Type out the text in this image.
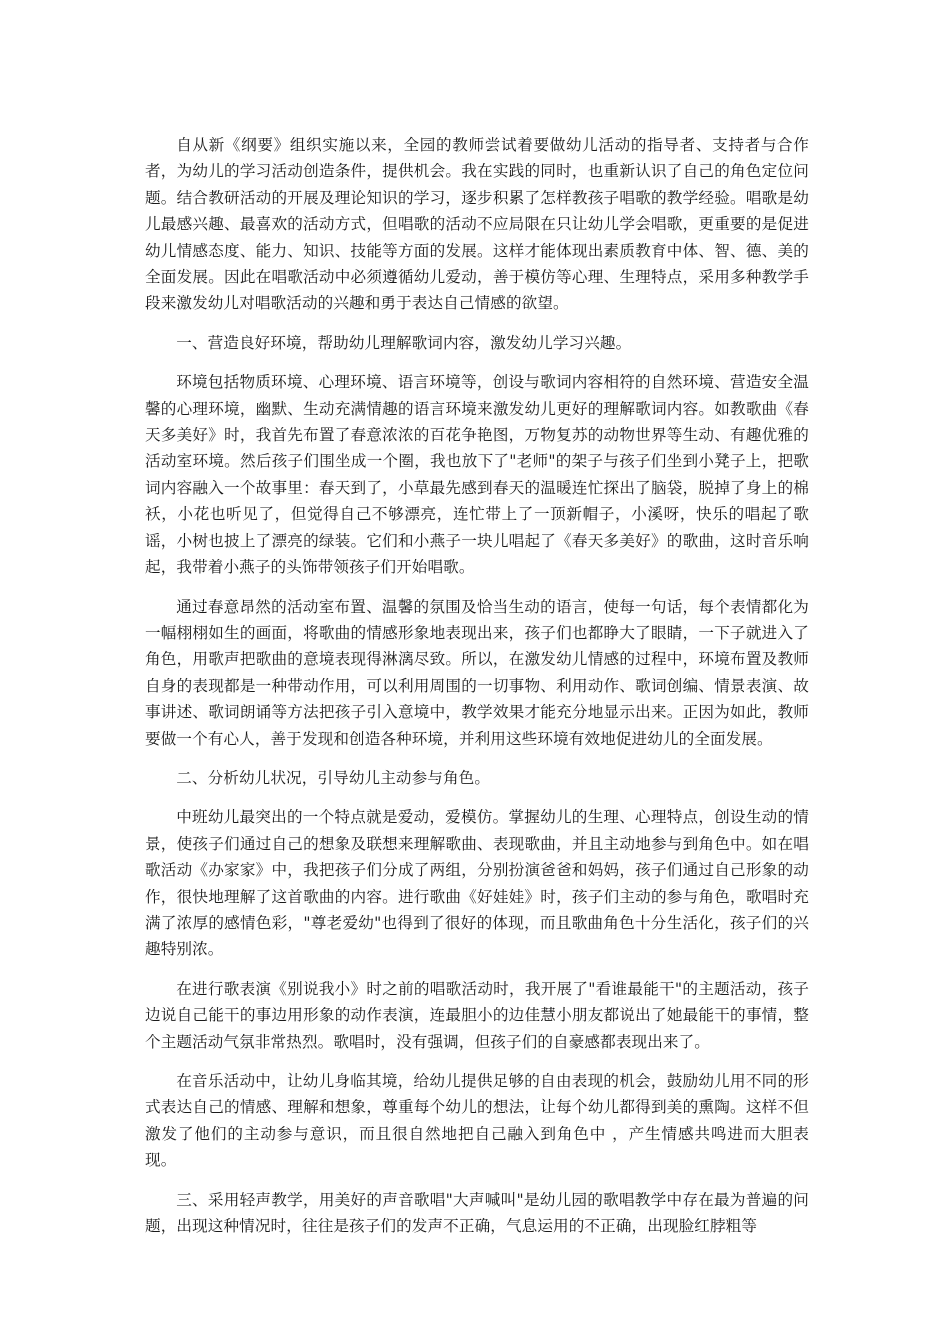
自从新《纲要》组织实施以来，全园的教师尝试着要做幼儿活动的指导者、支持者与合作者，为幼儿的学习活动创造条件，提供机会。我在实践的同时，也重新认识了自己的角色定位问题。结合教研活动的开展及理论知识的学习，逐步积累了怎样教孩子唱歌的教学经验。唱歌是幼儿最感兴趣、最喜欢的活动方式，但唱歌的活动不应局限在只让幼儿学会唱歌，更重要的是促进幼儿情感态度、能力、知识、技能等方面的发展。这样才能体现出素质教育中体、智、德、美的全面发展。因此在唱歌活动中必须遵循幼儿爱动，善于模仿等心理、生理特点，采用多种教学手段来激发幼儿对唱歌活动的兴趣和勇于表达自己情感的欲望。

一、营造良好环境，帮助幼儿理解歌词内容，激发幼儿学习兴趣。

环境包括物质环境、心理环境、语言环境等，创设与歌词内容相符的自然环境、营造安全温馨的心理环境，幽默、生动充满情趣的语言环境来激发幼儿更好的理解歌词内容。如教歌曲《春天多美好》时，我首先布置了春意浓浓的百花争艳图，万物复苏的动物世界等生动、有趣优雅的活动室环境。然后孩子们围坐成一个圈，我也放下了"老师"的架子与孩子们坐到小凳子上，把歌词内容融入一个故事里：春天到了，小草最先感到春天的温暖连忙探出了脑袋，脱掉了身上的棉袄，小花也听见了，但觉得自己不够漂亮，连忙带上了一顶新帽子，小溪呀，快乐的唱起了歌谣，小树也披上了漂亮的绿装。它们和小燕子一块儿唱起了《春天多美好》的歌曲，这时音乐响起，我带着小燕子的头饰带领孩子们开始唱歌。

通过春意昂然的活动室布置、温馨的氛围及恰当生动的语言，使每一句话，每个表情都化为一幅栩栩如生的画面，将歌曲的情感形象地表现出来，孩子们也都睁大了眼睛，一下子就进入了角色，用歌声把歌曲的意境表现得淋漓尽致。所以，在激发幼儿情感的过程中，环境布置及教师自身的表现都是一种带动作用，可以利用周围的一切事物、利用动作、歌词创编、情景表演、故事讲述、歌词朗诵等方法把孩子引入意境中，教学效果才能充分地显示出来。正因为如此，教师要做一个有心人，善于发现和创造各种环境，并利用这些环境有效地促进幼儿的全面发展。

二、分析幼儿状况，引导幼儿主动参与角色。

中班幼儿最突出的一个特点就是爱动，爱模仿。掌握幼儿的生理、心理特点，创设生动的情景，使孩子们通过自己的想象及联想来理解歌曲、表现歌曲，并且主动地参与到角色中。如在唱歌活动《办家家》中，我把孩子们分成了两组，分别扮演爸爸和妈妈，孩子们通过自己形象的动作，很快地理解了这首歌曲的内容。进行歌曲《好娃娃》时，孩子们主动的参与角色，歌唱时充满了浓厚的感情色彩，"尊老爱幼"也得到了很好的体现，而且歌曲角色十分生活化，孩子们的兴趣特别浓。

在进行歌表演《别说我小》时之前的唱歌活动时，我开展了"看谁最能干"的主题活动，孩子边说自己能干的事边用形象的动作表演，连最胆小的边佳慧小朋友都说出了她最能干的事情，整个主题活动气氛非常热烈。歌唱时，没有强调，但孩子们的自豪感都表现出来了。

在音乐活动中，让幼儿身临其境，给幼儿提供足够的自由表现的机会，鼓励幼儿用不同的形式表达自己的情感、理解和想象，尊重每个幼儿的想法，让每个幼儿都得到美的熏陶。这样不但激发了他们的主动参与意识，而且很自然地把自己融入到角色中 ，产生情感共鸣进而大胆表现。

三、采用轻声教学，用美好的声音歌唱"大声喊叫"是幼儿园的歌唱教学中存在最为普遍的问题，出现这种情况时，往往是孩子们的发声不正确，气息运用的不正确，出现脸红脖粗等
